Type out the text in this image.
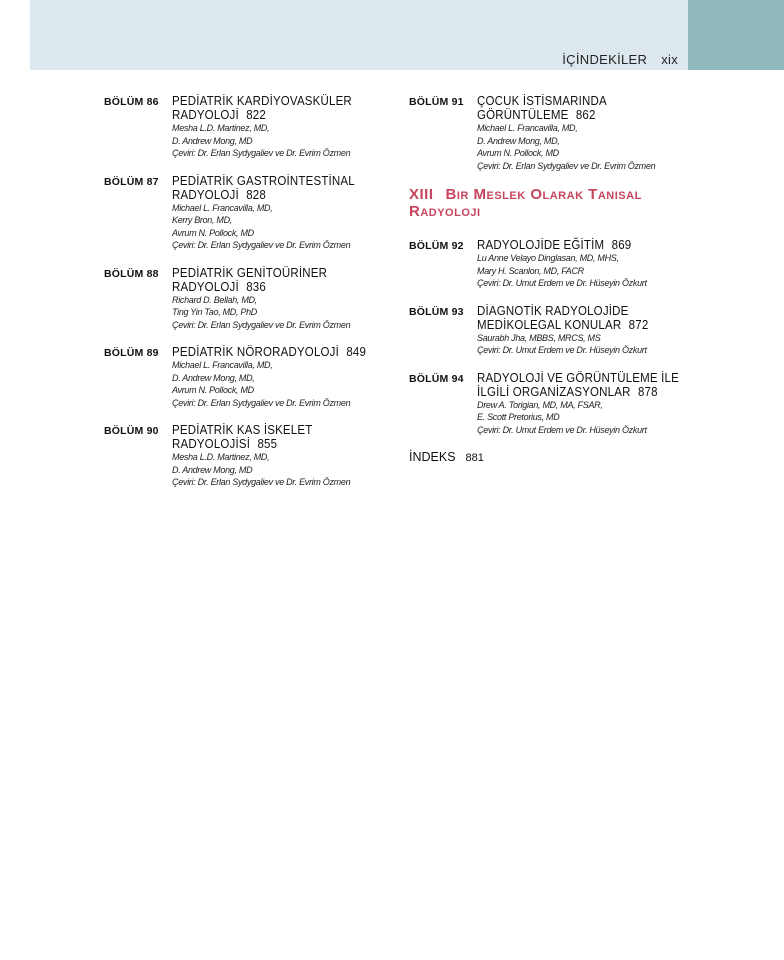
İÇİNDEKİLER xix
BÖLÜM 86 PEDİATRİK KARDİYOVASKÜLER
RADYOLOJİ 822
Mesha L.D. Martinez, MD,
D. Andrew Mong, MD
Çeviri: Dr. Erlan Sydygaliev ve Dr. Evrim Özmen
BÖLÜM 87 PEDİATRİK GASTROİNTESTİNAL
RADYOLOJİ 828
Michael L. Francavilla, MD,
Kerry Bron, MD,
Avrum N. Pollock, MD
Çeviri: Dr. Erlan Sydygaliev ve Dr. Evrim Özmen
BÖLÜM 88 PEDİATRİK GENİTOÜRİNER
RADYOLOJİ 836
Richard D. Bellah, MD,
Ting Yin Tao, MD, PhD
Çeviri: Dr. Erlan Sydygaliev ve Dr. Evrim Özmen
BÖLÜM 89 PEDİATRİK NÖRORADYOLOJİ 849
Michael L. Francavilla, MD,
D. Andrew Mong, MD,
Avrum N. Pollock, MD
Çeviri: Dr. Erlan Sydygaliev ve Dr. Evrim Özmen
BÖLÜM 90 PEDİATRİK KAS İSKELET
RADYOLOJİSİ 855
Mesha L.D. Martinez, MD,
D. Andrew Mong, MD
Çeviri: Dr. Erlan Sydygaliev ve Dr. Evrim Özmen
BÖLÜM 91 ÇOCUK İSTİSMARINDA
GÖRÜNTÜLEME 862
Michael L. Francavilla, MD,
D. Andrew Mong, MD,
Avrum N. Pollock, MD
Çeviri: Dr. Erlan Sydygaliev ve Dr. Evrim Özmen
XIII Bir Meslek Olarak Tanısal
Radyoloji
BÖLÜM 92 RADYOLOJİDE EĞİTİM 869
Lu Anne Velayo Dinglasan, MD, MHS,
Mary H. Scanlon, MD, FACR
Çeviri: Dr. Umut Erdem ve Dr. Hüseyin Özkurt
BÖLÜM 93 DİAGNOTİK RADYOLOJİDE
MEDİKOLEGAL KONULAR 872
Saurabh Jha, MBBS, MRCS, MS
Çeviri: Dr. Umut Erdem ve Dr. Hüseyin Özkurt
BÖLÜM 94 RADYOLOJİ VE GÖRÜNTÜLEME İLE
İLGİLİ ORGANİZASYONLAR 878
Drew A. Torigian, MD, MA, FSAR,
E. Scott Pretorius, MD
Çeviri: Dr. Umut Erdem ve Dr. Hüseyin Özkurt
İNDEKS 881
